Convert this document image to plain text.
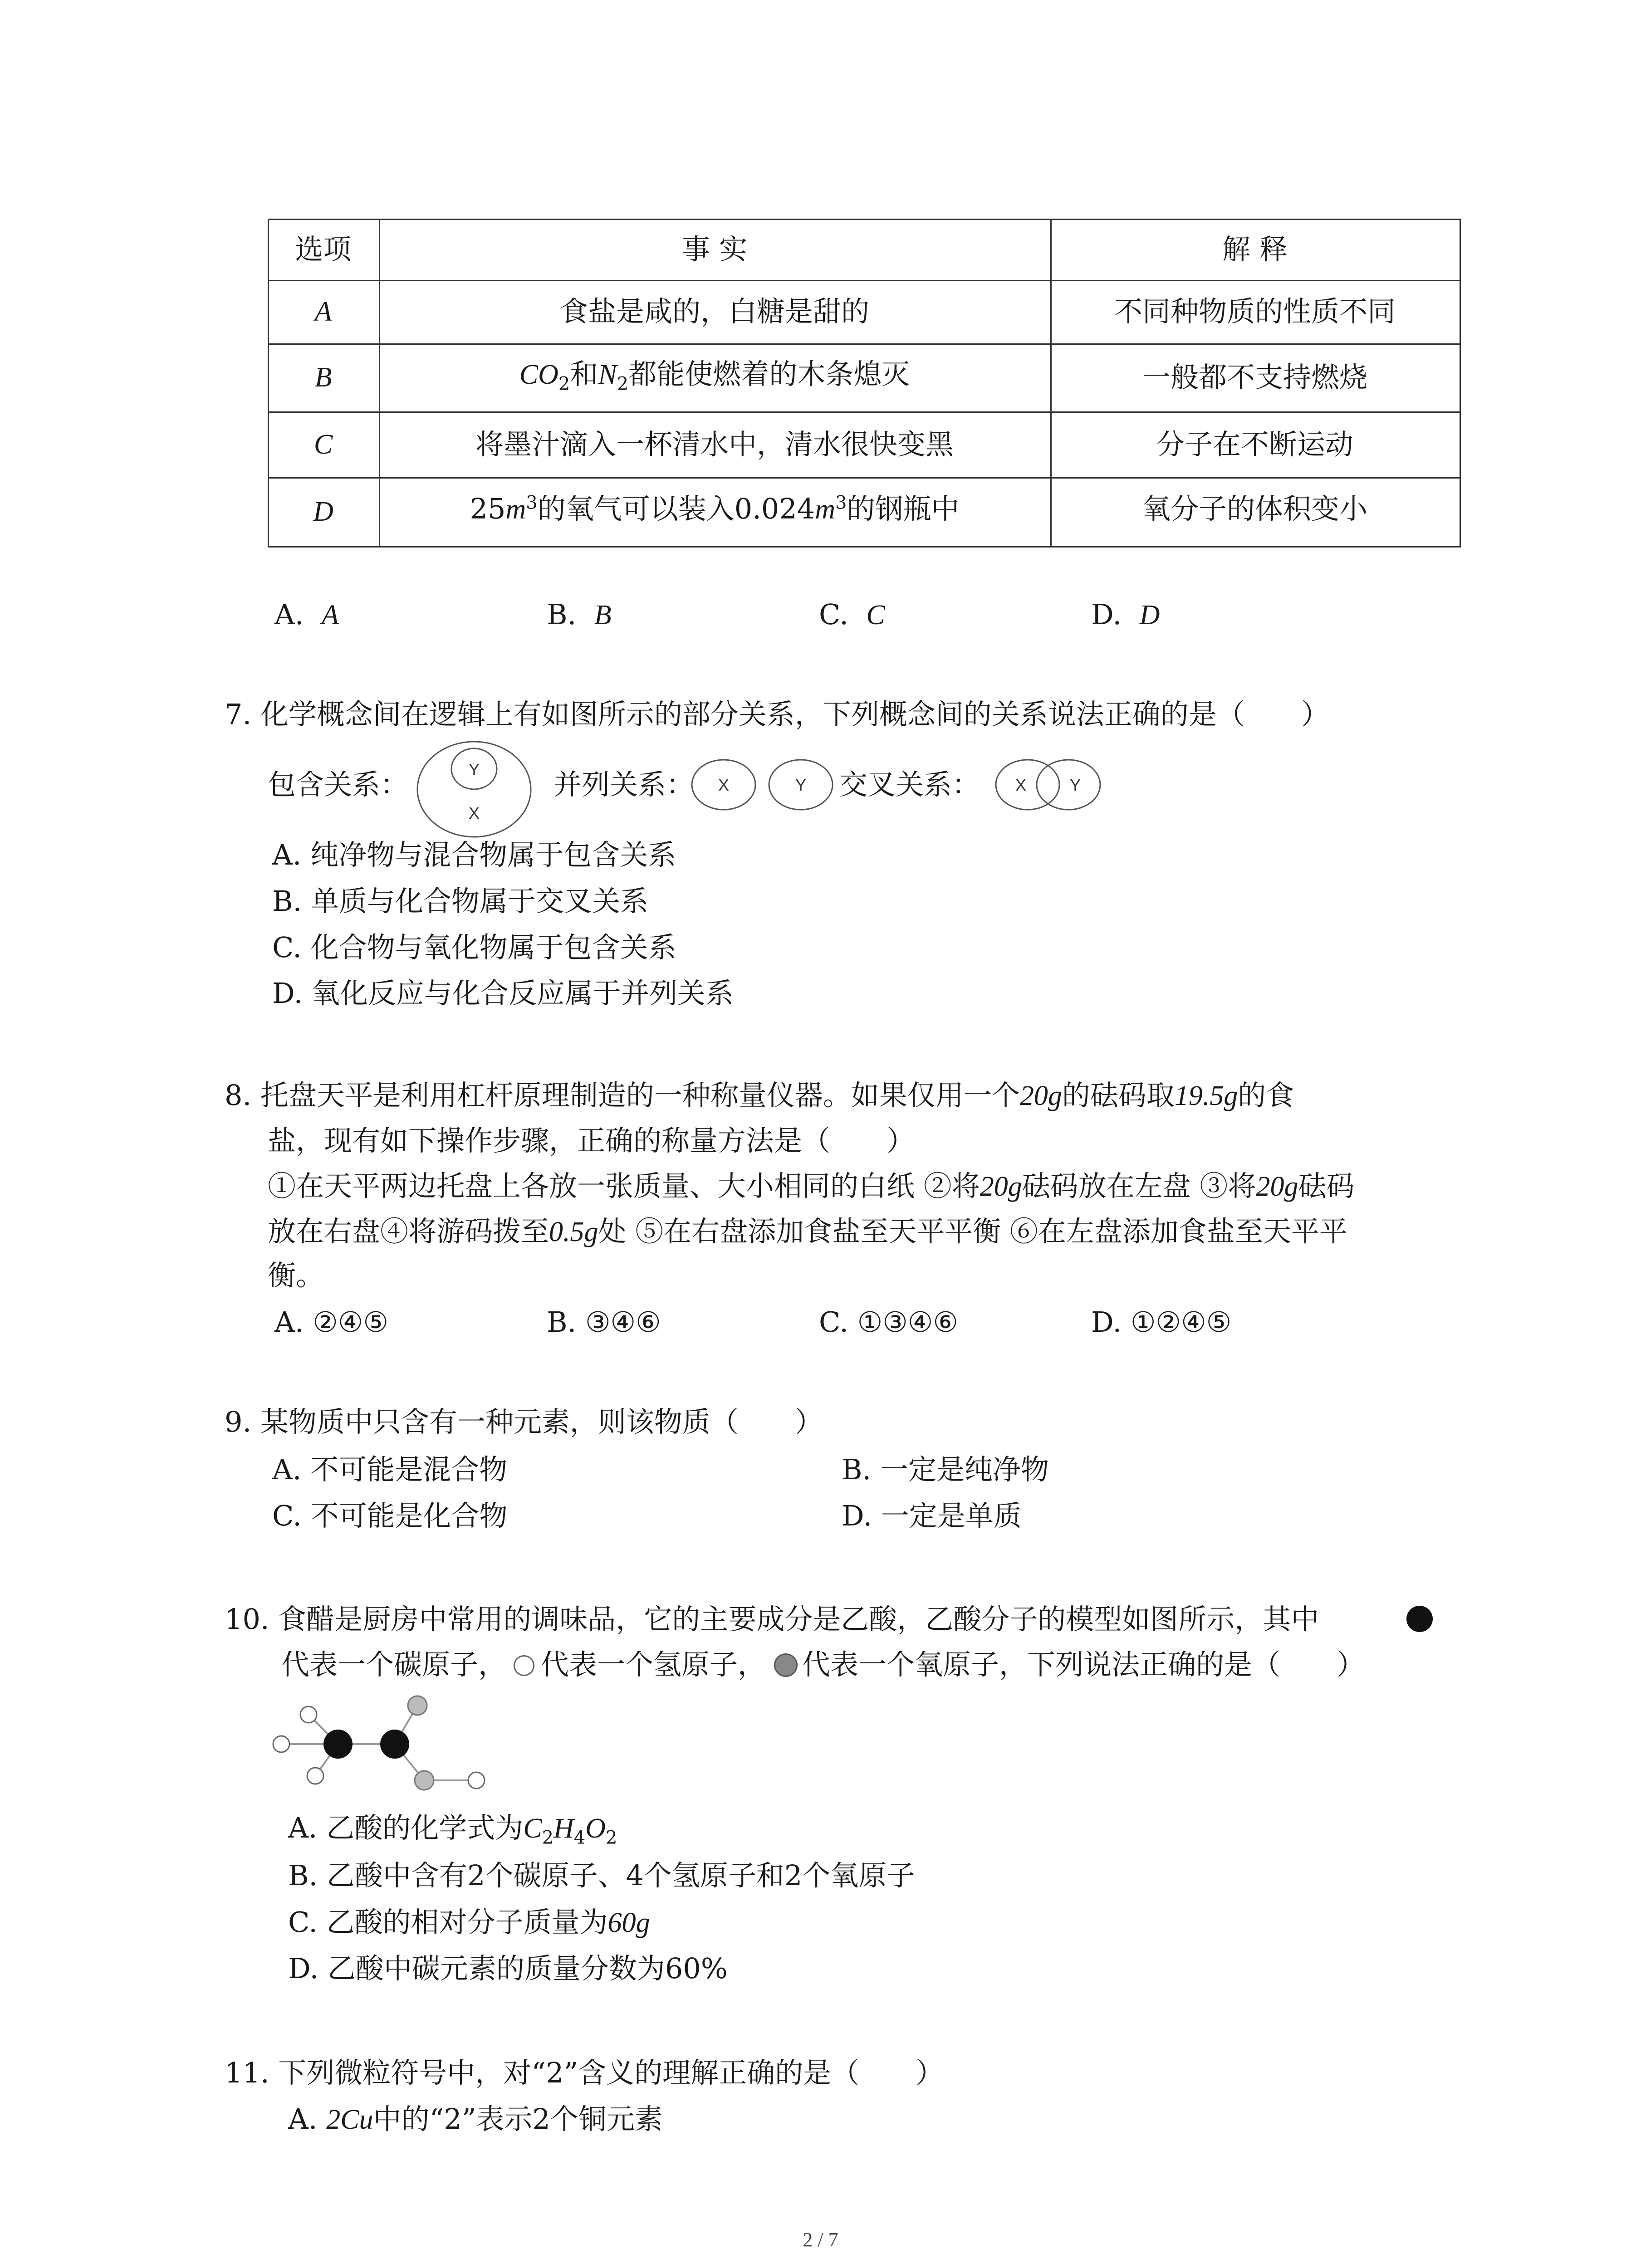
选项	事 实	解 释
A	食盐是咸的，白糖是甜的	不同种物质的性质不同
B	$CO_2$和$N_2$都能使燃着的木条熄灭	一般都不支持燃烧
C	将墨汁滴入一杯清水中，清水很快变黑	分子在不断运动
D	$25m^3$的氧气可以装入$0.024m^3$的钢瓶中	氧分子的体积变小
A. A	B. B	C. C	D. D
7. 化学概念间在逻辑上有如图所示的部分关系，下列概念间的关系说法正确的是（　　）
包含关系：	Y
X
并列关系： X	Y 交叉关系： X	Y
A. 纯净物与混合物属于包含关系
B. 单质与化合物属于交叉关系
C. 化合物与氧化物属于包含关系
D. 氧化反应与化合反应属于并列关系
8. 托盘天平是利用杠杆原理制造的一种称量仪器。如果仅用一个20g的砝码取19.5g的食
盐，现有如下操作步骤，正确的称量方法是（　　）
①在天平两边托盘上各放一张质量、大小相同的白纸 ②将20g砝码放在左盘 ③将20g砝码
放在右盘④将游码拨至0.5g处 ⑤在右盘添加食盐至天平平衡 ⑥在左盘添加食盐至天平平
衡。
A. ②④⑤	B. ③④⑥	C. ①③④⑥	D. ①②④⑤
9. 某物质中只含有一种元素，则该物质（　　）
A. 不可能是混合物	B. 一定是纯净物
C. 不可能是化合物	D. 一定是单质
10. 食醋是厨房中常用的调味品，它的主要成分是乙酸，乙酸分子的模型如图所示，其中
代表一个碳原子， 代表一个氢原子， 代表一个氧原子，下列说法正确的是（　　）
A. 乙酸的化学式为$C_2H_4O_2$
B. 乙酸中含有2个碳原子、4个氢原子和2个氧原子
C. 乙酸的相对分子质量为60g
D. 乙酸中碳元素的质量分数为60%
11. 下列微粒符号中，对“2”含义的理解正确的是（　　）
A. 2Cu中的“2”表示2个铜元素
2 / 7
